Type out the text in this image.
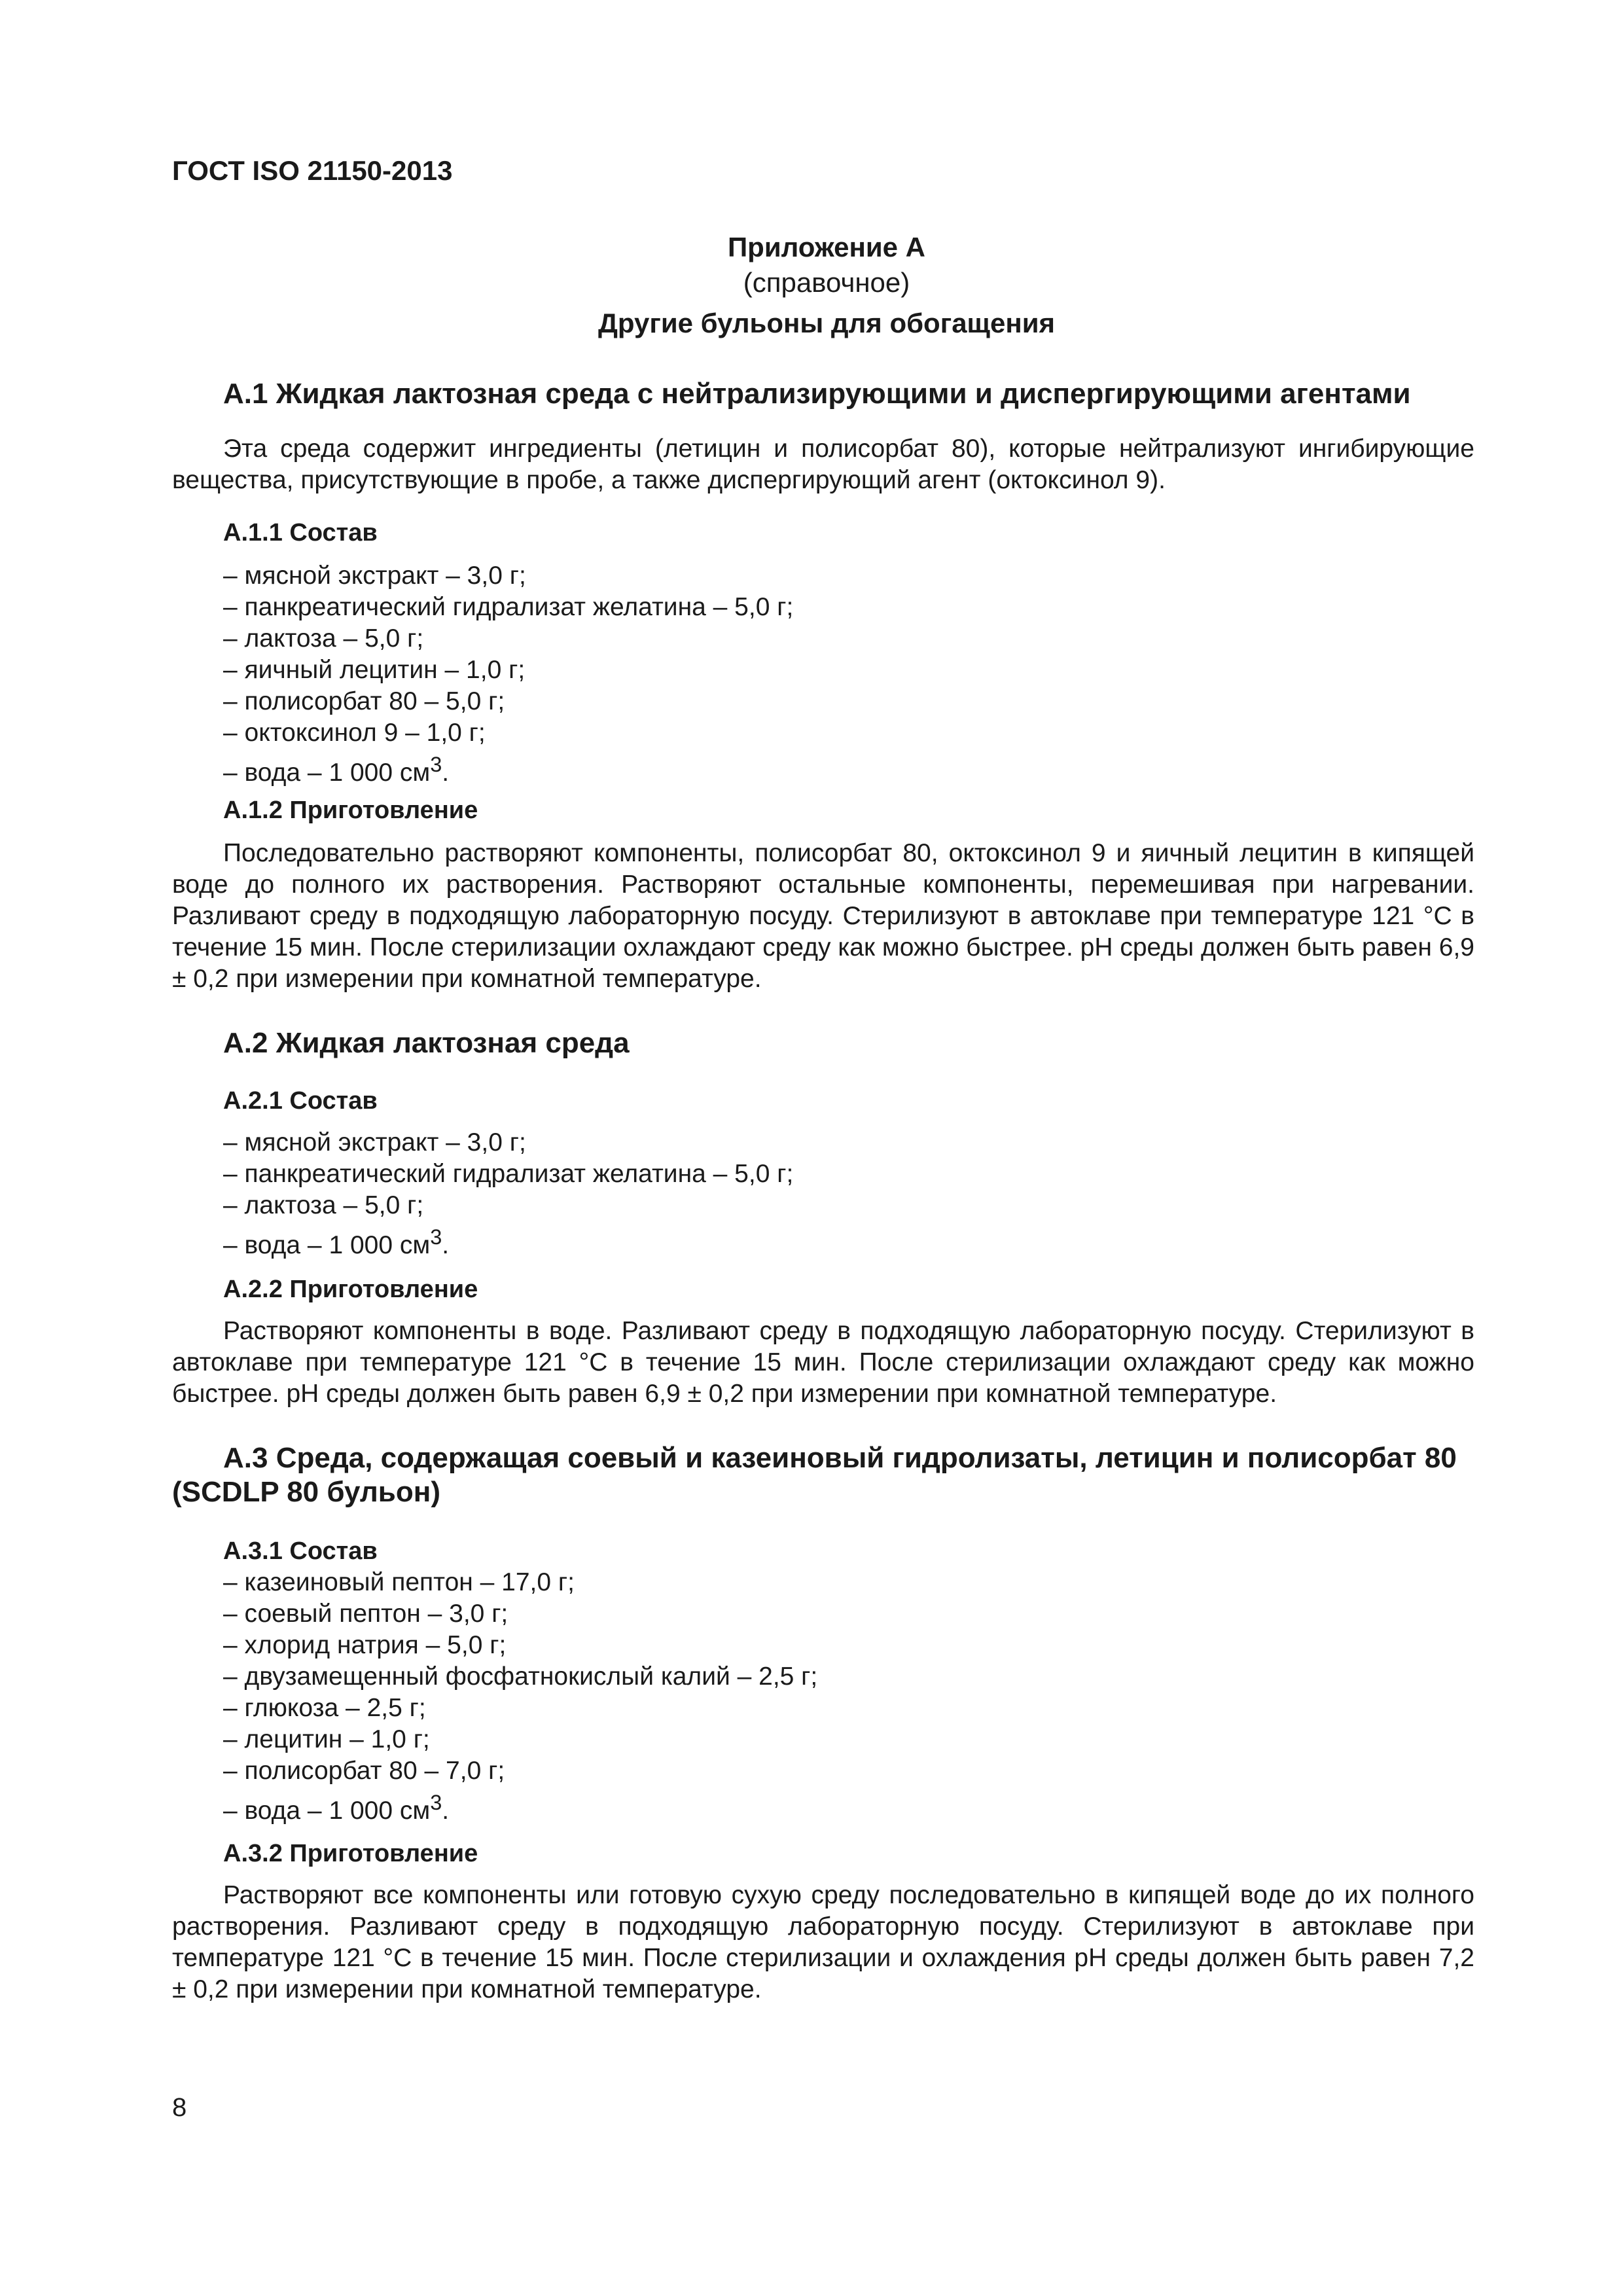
ГОСТ ISO 21150-2013
Приложение А
(справочное)
Другие бульоны для обогащения
А.1 Жидкая лактозная среда с нейтрализирующими и диспергирующими агентами
Эта среда содержит ингредиенты (летицин и полисорбат 80), которые нейтрализуют ингибирующие вещества, присутствующие в пробе, а также диспергирующий агент (октоксинол 9).
А.1.1 Состав
– мясной экстракт – 3,0 г;
– панкреатический гидрализат желатина – 5,0 г;
– лактоза – 5,0 г;
– яичный лецитин – 1,0 г;
– полисорбат 80 – 5,0 г;
– октоксинол 9 – 1,0 г;
– вода – 1 000 $см^3$.
А.1.2 Приготовление
Последовательно растворяют компоненты, полисорбат 80, октоксинол 9 и яичный лецитин в кипящей воде до полного их растворения. Растворяют остальные компоненты, перемешивая при нагревании. Разливают среду в подходящую лабораторную посуду. Стерилизуют в автоклаве при температуре 121 °С в течение 15 мин. После стерилизации охлаждают среду как можно быстрее. pH среды должен быть равен 6,9 ± 0,2 при измерении при комнатной температуре.
А.2 Жидкая лактозная среда
А.2.1 Состав
– мясной экстракт – 3,0 г;
– панкреатический гидрализат желатина – 5,0 г;
– лактоза – 5,0 г;
– вода – 1 000 $см^3$.
А.2.2 Приготовление
Растворяют компоненты в воде. Разливают среду в подходящую лабораторную посуду. Стерилизуют в автоклаве при температуре 121 °С в течение 15 мин. После стерилизации охлаждают среду как можно быстрее. pH среды должен быть равен 6,9 ± 0,2 при измерении при комнатной температуре.
А.3 Среда, содержащая соевый и казеиновый гидролизаты, летицин и полисорбат 80 (SCDLP 80 бульон)
А.3.1 Состав
– казеиновый пептон – 17,0 г;
– соевый пептон – 3,0 г;
– хлорид натрия – 5,0 г;
– двузамещенный фосфатнокислый калий – 2,5 г;
– глюкоза – 2,5 г;
– лецитин – 1,0 г;
– полисорбат 80 – 7,0 г;
– вода – 1 000 $см^3$.
А.3.2 Приготовление
Растворяют все компоненты или готовую сухую среду последовательно в кипящей воде до их полного растворения. Разливают среду в подходящую лабораторную посуду. Стерилизуют в автоклаве при температуре 121 °С в течение 15 мин. После стерилизации и охлаждения pH среды должен быть равен 7,2 ± 0,2 при измерении при комнатной температуре.
8
